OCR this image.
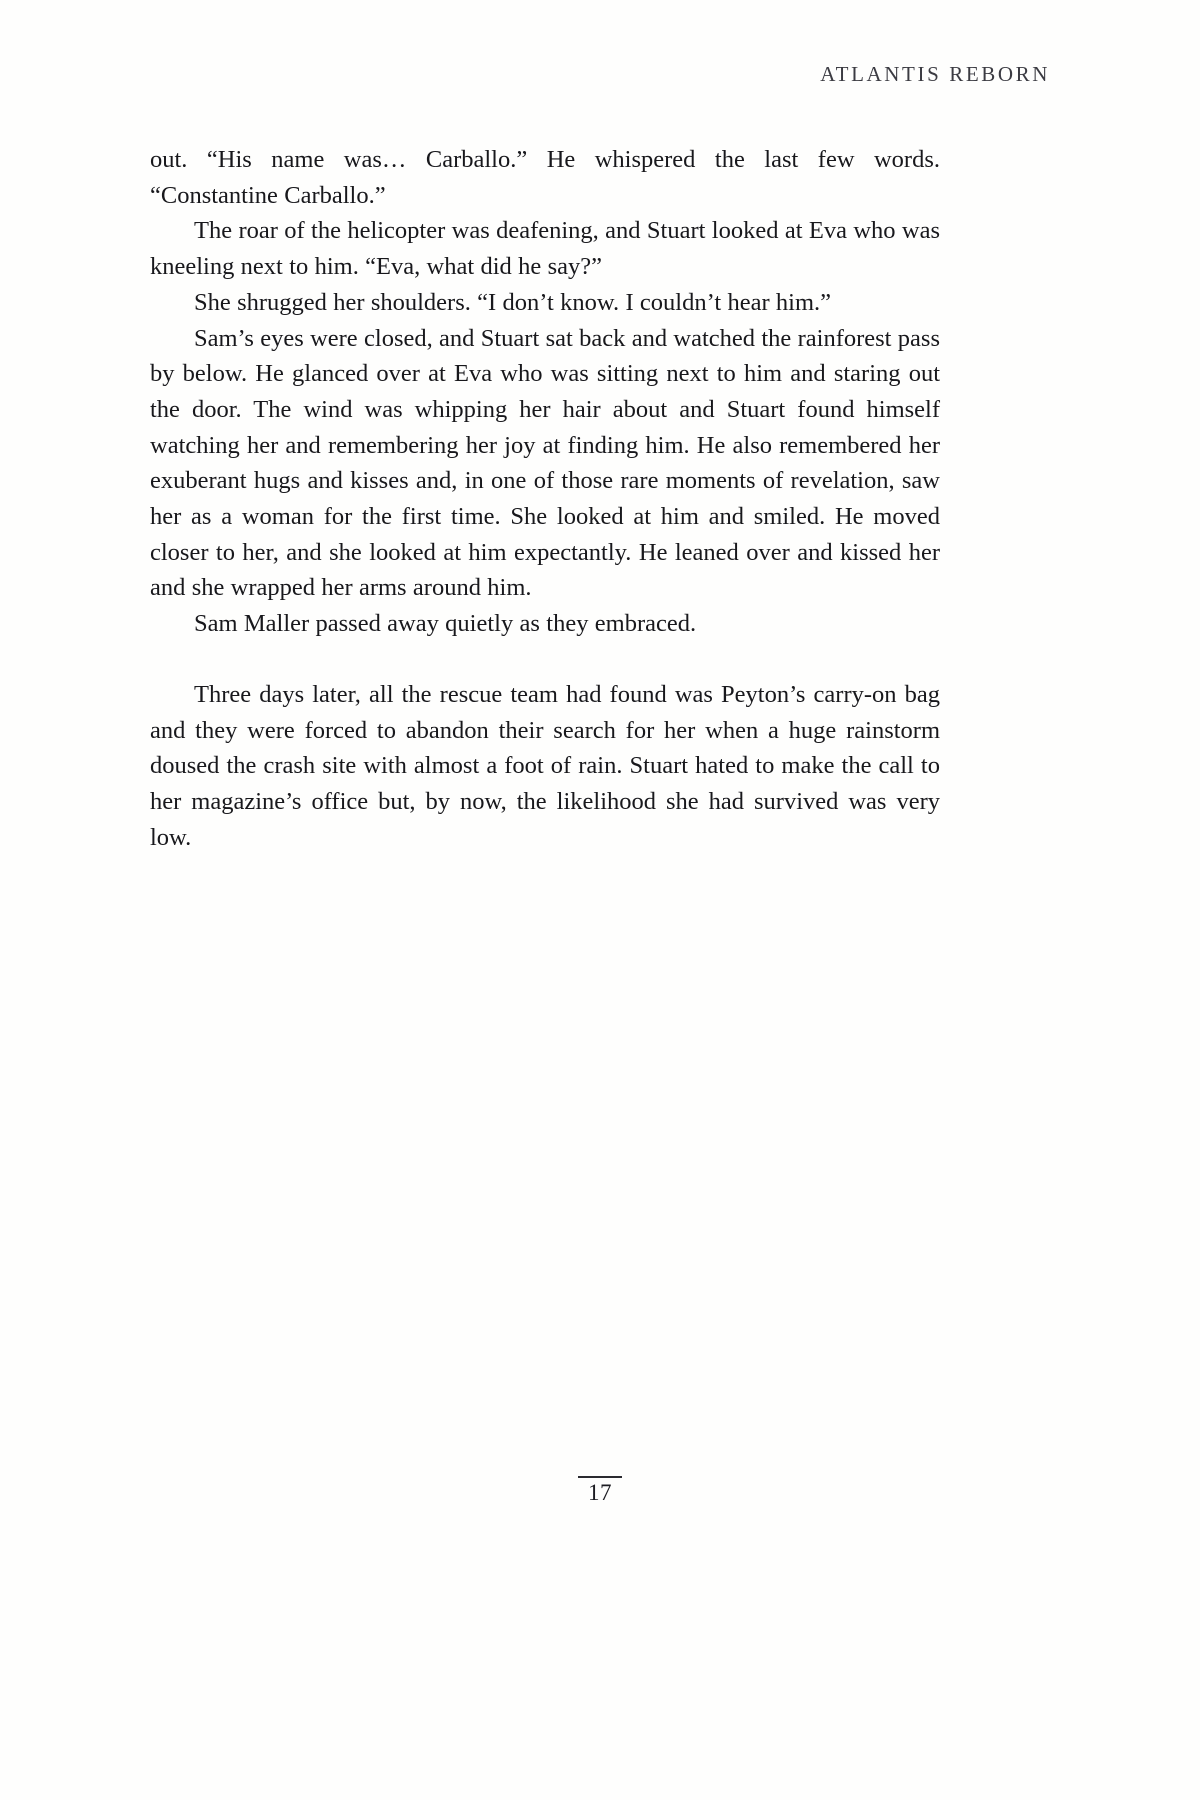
ATLANTIS REBORN

out. “His name was… Carballo.” He whispered the last few words. “Constantine Carballo.”

The roar of the helicopter was deafening, and Stuart looked at Eva who was kneeling next to him. “Eva, what did he say?”

She shrugged her shoulders. “I don’t know. I couldn’t hear him.”

Sam’s eyes were closed, and Stuart sat back and watched the rainforest pass by below. He glanced over at Eva who was sitting next to him and staring out the door. The wind was whipping her hair about and Stuart found himself watching her and remembering her joy at finding him. He also remembered her exuberant hugs and kisses and, in one of those rare moments of revelation, saw her as a woman for the first time. She looked at him and smiled. He moved closer to her, and she looked at him expectantly. He leaned over and kissed her and she wrapped her arms around him.

Sam Maller passed away quietly as they embraced.

Three days later, all the rescue team had found was Peyton’s carry-on bag and they were forced to abandon their search for her when a huge rainstorm doused the crash site with almost a foot of rain. Stuart hated to make the call to her magazine’s office but, by now, the likelihood she had survived was very low.

17
